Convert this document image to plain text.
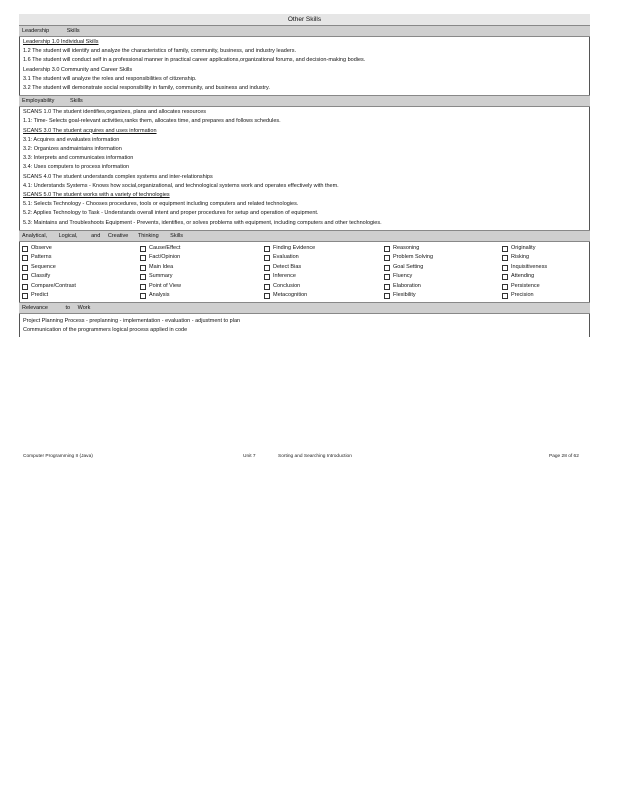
Other Skills
Leadership	Skills
Leadership 1.0 Individual Skills
1.2 The student will identify and analyze the characteristics of family, community, business, and industry leaders.
1.6 The student will conduct self in a professional manner in practical career applications,organizational forums, and decision-making bodies.
Leadership 3.0 Community and Career Skills
3.1 The student will analyze the roles and responsibilities of citizenship.
3.2 The student will demonstrate social responsibility in family, community, and business and industry.
Employability	Skills
SCANS 1.0 The student identifies,organizes, plans and allocates resources
1.1: Time- Selects goal-relevant activities,ranks them, allocates time, and prepares and follows schedules.
SCANS 3.0 The student acquires and uses information
3.1: Acquires and evaluates information
3.2: Organizes andmaintains information
3.3: Interprets and communicates information
3.4: Uses computers to process information
SCANS 4.0 The student understands complex systems and inter-relationships
4.1: Understands Systems - Knows how social,organizational, and technological systems work and operates effectively with them.
SCANS 5.0 The student works with a variety of technologies
5.1: Selects Technology - Chooses procedures, tools or equipment including computers and related technologies.
5.2: Applies Technology to Task - Understands overall intent and proper procedures for setup and operation of equipment.
5.3: Maintains and Troubleshoots Equipment - Prevents, identifies, or solves problems with equipment, including computers and other technologies.
Analytical, Logical, and Creative Thinking Skills
Observe	Cause/Effect	Finding Evidence	Reasoning	Originality
Patterns	Fact/Opinion	Evaluation	Problem Solving	Risking
Sequence	Main Idea	Detect Bias	Goal Setting	Inquisitiveness
Classify	Summary	Inference	Fluency	Attending
Compare/Contrast	Point of View	Conclusion	Elaboration	Persistence
Predict	Analysis	Metacognition	Flexibility	Precision
Relevance	to Work
Project Planning Process - preplanning - implementation - evaluation - adjustment to plan
Communication of the programmers logical process applied in code
Computer Programming II (Java)	Unit 7	Sorting and Searching Introduction	Page 28 of 62
